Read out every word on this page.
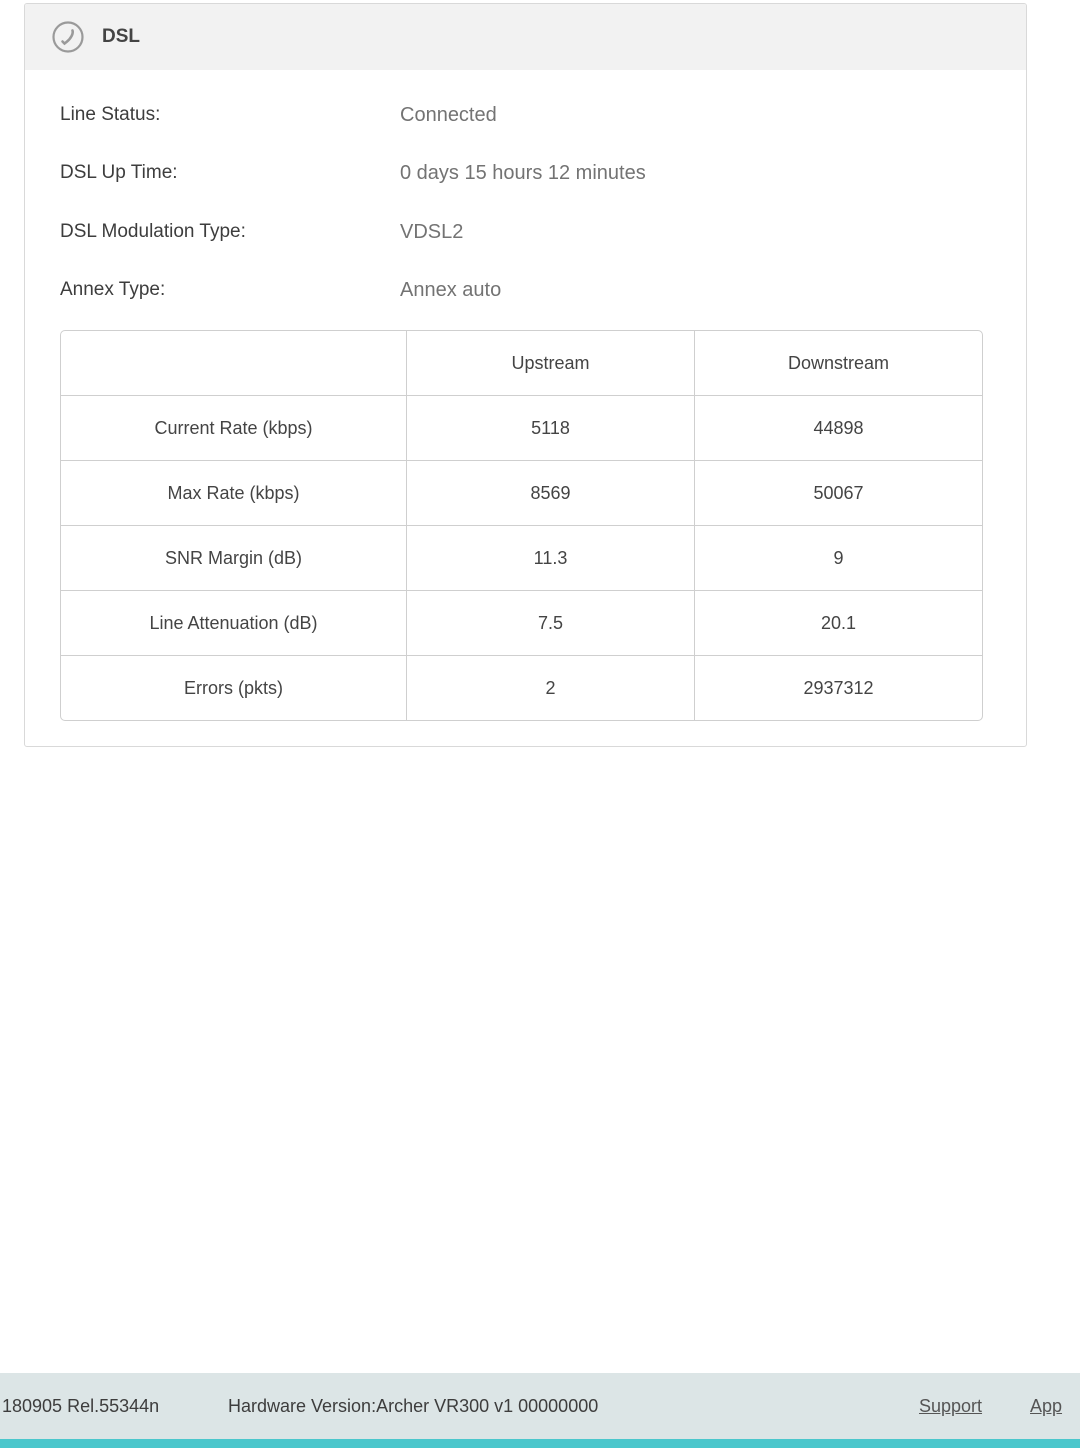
DSL
Line Status:	Connected
DSL Up Time:	0 days 15 hours 12 minutes
DSL Modulation Type:	VDSL2
Annex Type:	Annex auto
	Upstream	Downstream
Current Rate (kbps)	5118	44898
Max Rate (kbps)	8569	50067
SNR Margin (dB)	11.3	9
Line Attenuation (dB)	7.5	20.1
Errors (pkts)	2	2937312
180905 Rel.55344n	Hardware Version:Archer VR300 v1 00000000	Support	App
